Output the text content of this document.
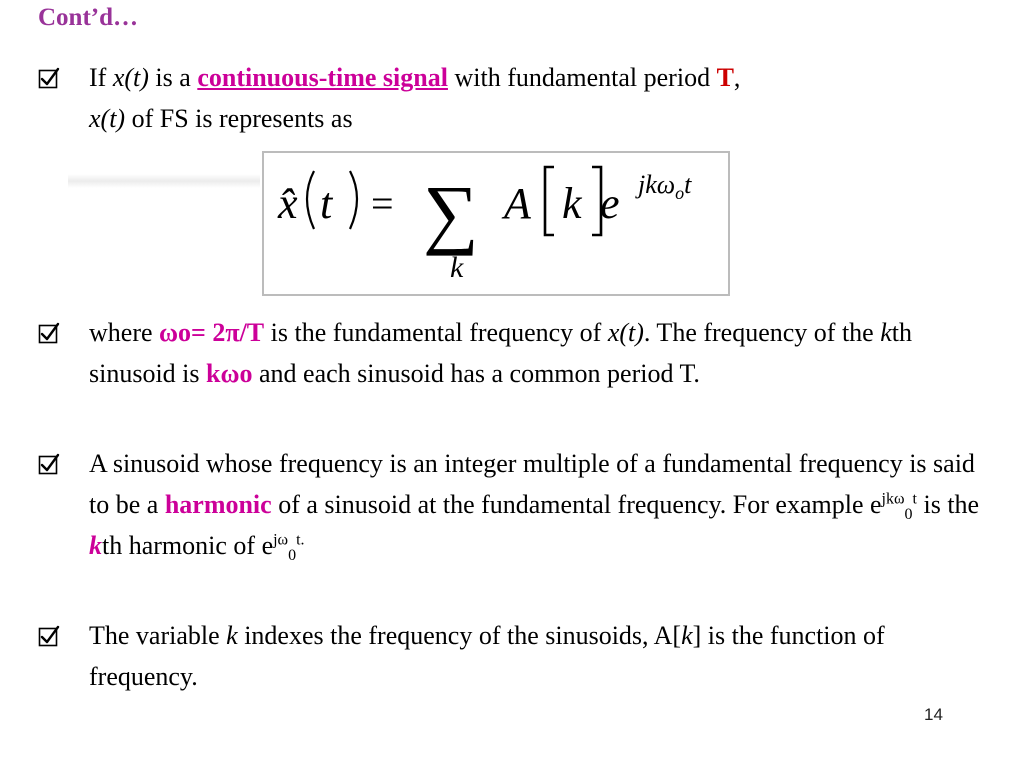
Cont’d…
If x(t) is a continuous-time signal with fundamental period T,
x(t) of FS is represents as
x̂ t = ∑
k
A k e jkω$_o$t
where ωo= 2π/T is the fundamental frequency of x(t). The frequency of the kth sinusoid is kωo and each sinusoid has a common period T.
A sinusoid whose frequency is an integer multiple of a fundamental frequency is said to be a harmonic of a sinusoid at the fundamental frequency. For example $e^{jk\omega}_0^t$ is the kth harmonic of $e^{j\omega}_0^{t.}$
The variable k indexes the frequency of the sinusoids, A[k] is the function of frequency.
14
